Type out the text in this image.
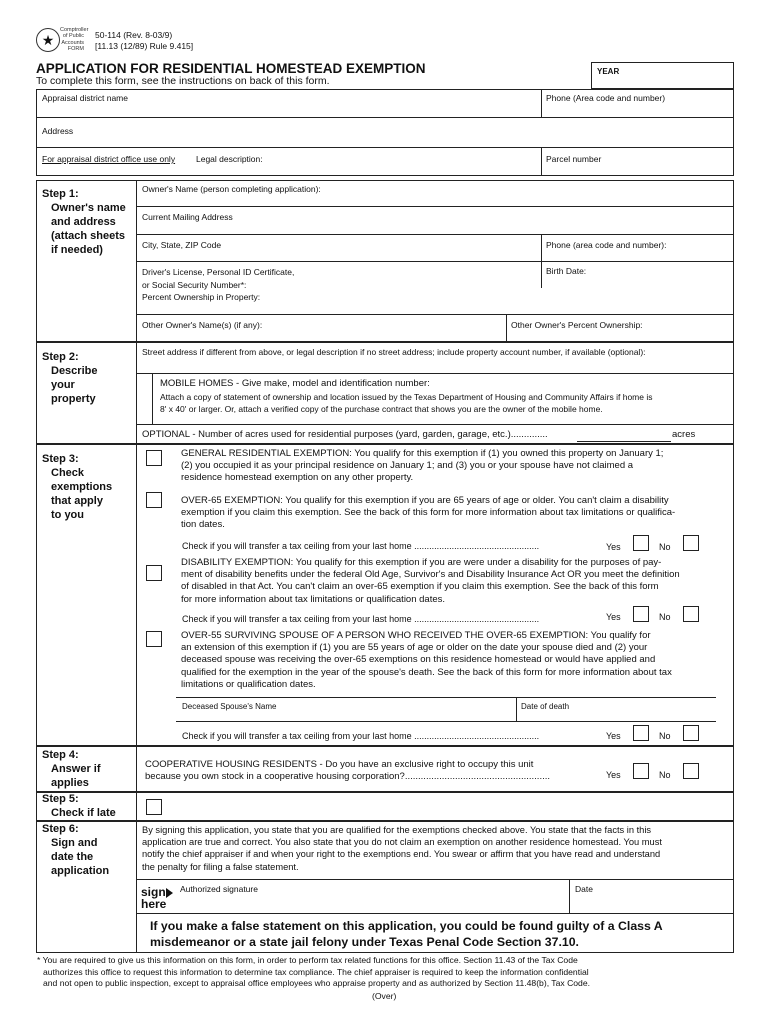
★
Comptroller
of Public
Accounts
FORM
50-114 (Rev. 8-03/9)
[11.13 (12/89) Rule 9.415]
APPLICATION FOR RESIDENTIAL HOMESTEAD EXEMPTION
To complete this form, see the instructions on back of this form.
YEAR
Appraisal district name	Phone (Area code and number)
Address
For appraisal district office use only Legal description:	Parcel number
Step 1:
Owner's name
and address
(attach sheets
if needed)
Owner's Name (person completing application):
Current Mailing Address
City, State, ZIP Code	Phone (area code and number):
Driver's License, Personal ID Certificate,
or Social Security Number*:
Birth Date:
Percent Ownership in Property:
Other Owner's Name(s) (if any):	Other Owner's Percent Ownership:
Step 2:
Describe
your
property
Street address if different from above, or legal description if no street address; include property account number, if available (optional):
MOBILE HOMES - Give make, model and identification number:
Attach a copy of statement of ownership and location issued by the Texas Department of Housing and Community Affairs if home is
8' x 40' or larger. Or, attach a verified copy of the purchase contract that shows you are the owner of the mobile home.
OPTIONAL - Number of acres used for residential purposes (yard, garden, garage, etc.)..............	acres
Step 3:
Check
exemptions
that apply
to you
GENERAL RESIDENTIAL EXEMPTION: You qualify for this exemption if (1) you owned this property on January 1;
(2) you occupied it as your principal residence on January 1; and (3) you or your spouse have not claimed a
residence homestead exemption on any other property.
OVER-65 EXEMPTION: You qualify for this exemption if you are 65 years of age or older. You can't claim a disability
exemption if you claim this exemption. See the back of this form for more information about tax limitations or qualifica-
tion dates.
Check if you will transfer a tax ceiling from your last home ..................................................	Yes	No
DISABILITY EXEMPTION: You qualify for this exemption if you are were under a disability for the purposes of pay-
ment of disability benefits under the federal Old Age, Survivor's and Disability Insurance Act OR you meet the definition
of disabled in that Act. You can't claim an over-65 exemption if you claim this exemption. See the back of this form
for more information about tax limitations or qualification dates.
Check if you will transfer a tax ceiling from your last home ..................................................	Yes	No
OVER-55 SURVIVING SPOUSE OF A PERSON WHO RECEIVED THE OVER-65 EXEMPTION: You qualify for
an extension of this exemption if (1) you are 55 years of age or older on the date your spouse died and (2) your
deceased spouse was receiving the over-65 exemptions on this residence homestead or would have applied and
qualified for the exemption in the year of the spouse's death. See the back of this form for more information about tax
limitations or qualification dates.
Deceased Spouse's Name	Date of death
Check if you will transfer a tax ceiling from your last home ..................................................	Yes	No
Step 4:
Answer if
applies
COOPERATIVE HOUSING RESIDENTS - Do you have an exclusive right to occupy this unit
because you own stock in a cooperative housing corporation?.......................................................	Yes	No
Step 5:
Check if late
Step 6:
Sign and
date the
application
By signing this application, you state that you are qualified for the exemptions checked above. You state that the facts in this
application are true and correct. You also state that you do not claim an exemption on another residence homestead. You must
notify the chief appraiser if and when your right to the exemptions end. You swear or affirm that you have read and understand
the penalty for filing a false statement.
sign
here
Authorized signature	Date
If you make a false statement on this application, you could be found guilty of a Class A
misdemeanor or a state jail felony under Texas Penal Code Section 37.10.
* You are required to give us this information on this form, in order to perform tax related functions for this office. Section 11.43 of the Tax Code
authorizes this office to request this information to determine tax compliance. The chief appraiser is required to keep the information confidential
and not open to public inspection, except to appraisal office employees who appraise property and as authorized by Section 11.48(b), Tax Code.
(Over)
